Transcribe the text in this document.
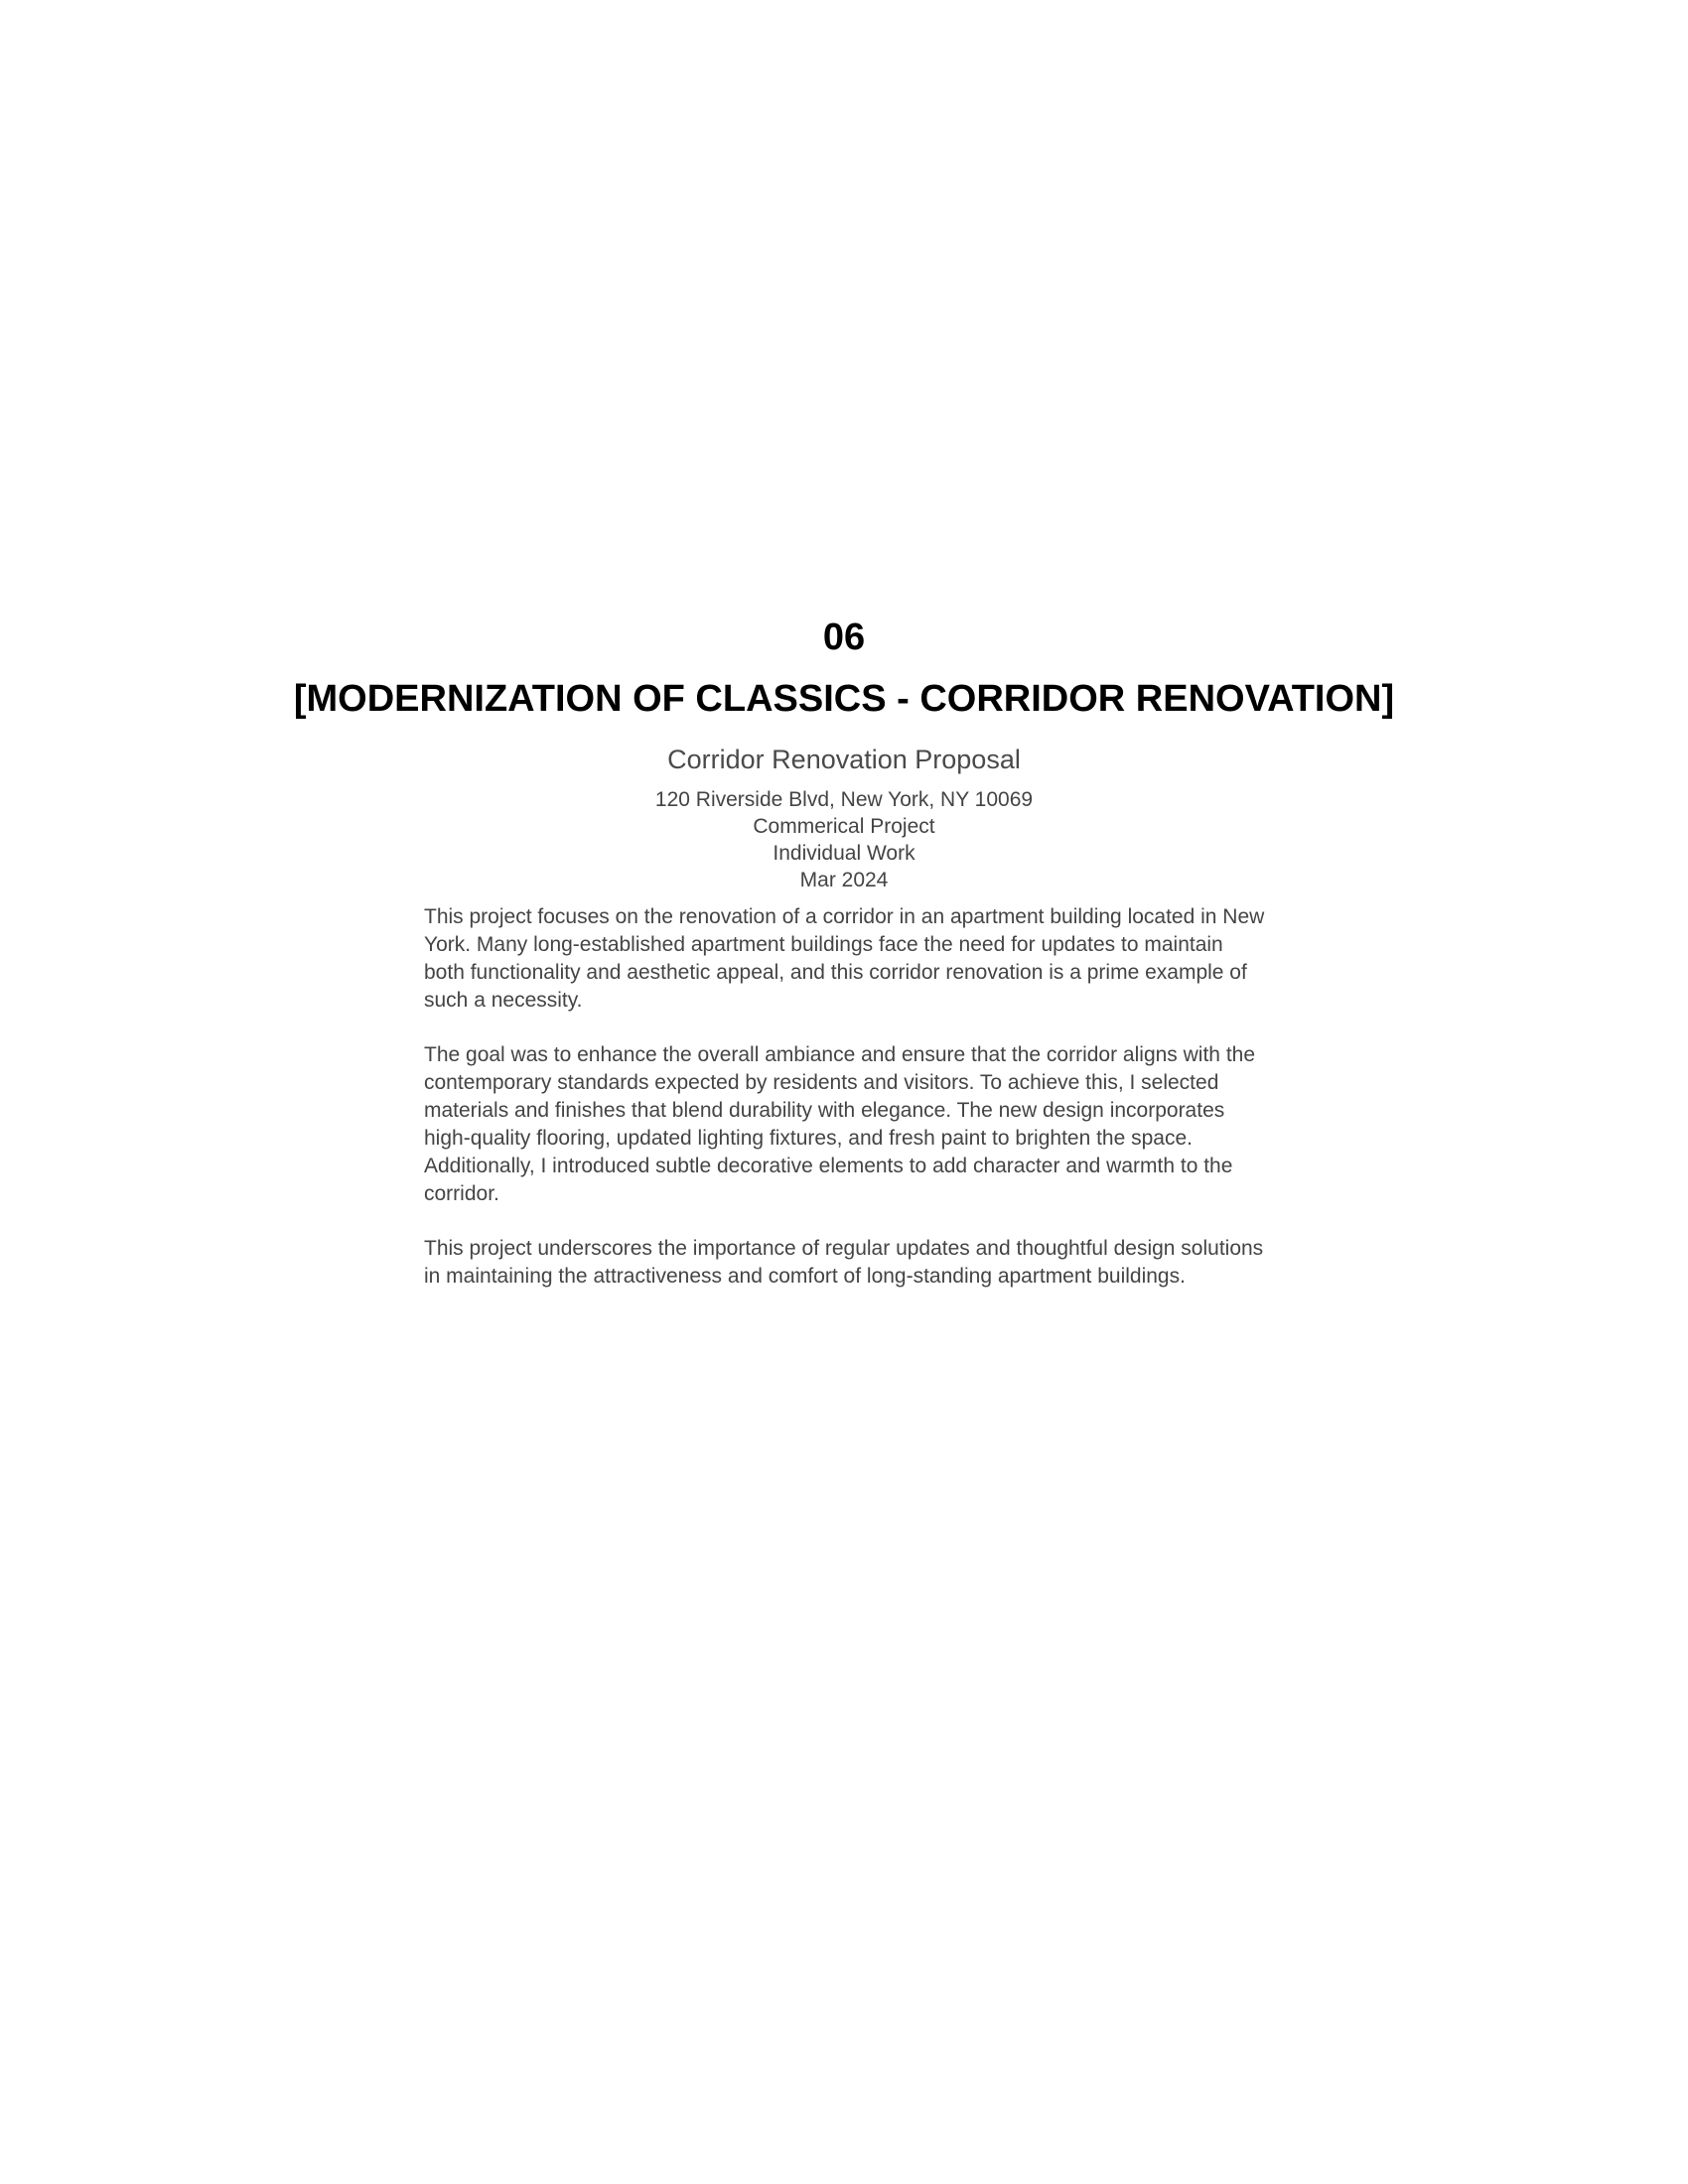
06
[MODERNIZATION OF CLASSICS - CORRIDOR RENOVATION]
Corridor Renovation Proposal
120 Riverside Blvd, New York, NY 10069
Commerical Project
Individual Work
Mar 2024

This project focuses on the renovation of a corridor in an apartment building located in New York. Many long-established apartment buildings face the need for updates to maintain both functionality and aesthetic appeal, and this corridor renovation is a prime example of such a necessity.

The goal was to enhance the overall ambiance and ensure that the corridor aligns with the contemporary standards expected by residents and visitors. To achieve this, I selected materials and finishes that blend durability with elegance. The new design incorporates high-quality flooring, updated lighting fixtures, and fresh paint to brighten the space. Additionally, I introduced subtle decorative elements to add character and warmth to the corridor.

This project underscores the importance of regular updates and thoughtful design solutions in maintaining the attractiveness and comfort of long-standing apartment buildings.
